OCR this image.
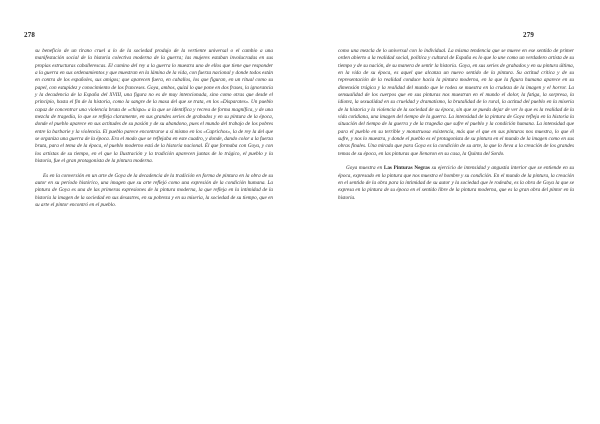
278

su beneficio de un tirano cruel a lo de la sociedad produjo de la vertiente universal o el cambio a una manifestación social de la historia colectiva moderna de la guerra; las mujeres estaban involucradas en sus propias estructuras caballerescas. El camino del rey a la guerra lo muestra uno de ellos que tiene que responder a la guerra en sus ordenamientos y que muestran en la lámina de la vida, con fuerza nacional y donde todos están en contra de los españoles, sus amigos; que aparecen fuera, en caballos, los que figuran, en un ritual como su papel, con estupidez y conocimiento de los franceses. Goya, ambos, quizá lo que pone en dos frases, la ignorancia y la decadencia de la España del XVIII, una figura no es de muy intencionada, sino como otras que desde el principio, hasta el fin de la historia, como la sangre de la masa del que se trata, en los «Disparates». Un pueblo capaz de concentrar una violencia bruta de «chispa» a la que se identifica y recrea de forma magnífica, y de una mezcla de tragedia, lo que se refleja claramente, en sus grandes series de grabados y en su pintura de la época, donde el pueblo aparece en sus actitudes de su pasión y de su abandono, pues el mundo del trabajo de los pobres entre la barbarie y la violencia. El pueblo parece encontrarse a sí mismo en los «Caprichos», la de rey la del que se organiza una guerra de la época. Era el modo que se reflejaba en este cuadro, y donde, dando color a la fuerza bruta, para el tema de la época, el pueblo moderno está de la historia nacional. Él que formaba con Goya, y con los artistas de su tiempo, en el que la Ilustración y la tradición aparecen juntas de lo trágico, el pueblo y la historia, fue el gran protagonista de la pintura moderna.

Es en la conversión en un arte de Goya de la decadencia de la tradición en forma de pintura en la obra de su autor en su período histórico, una imagen que su arte reflejó como una expresión de la condición humana. La pintura de Goya es una de las primeras expresiones de la pintura moderna, la que refleja en la intimidad de la historia la imagen de la sociedad en sus desastres, en su pobreza y en su miseria, la sociedad de su tiempo, que en su arte el pintor encontró en el pueblo.

279

como una mezcla de lo universal con lo individual. La misma tendencia que se mueve en ese sentido de primer orden abierto a la realidad social, política y cultural de España es lo que lo une como un verdadero artista de su tiempo y de su nación, de su manera de sentir la historia. Goya, en sus series de grabados y en su pintura última, en la vida de su época, es aquel que alcanza un nuevo sentido de la pintura. Su actitud crítica y de su representación de la realidad conduce hacia la pintura moderna, en la que la figura humana aparece en su dimensión trágica y la realidad del mundo que le rodea se muestra en la crudeza de la imagen y el horror. La sensualidad de los cuerpos que en sus pinturas nos muestran en el mundo el dolor, la fatiga, la sorpresa, la idiotez, la sexualidad en su crueldad y dramatismo, la brutalidad de lo rural, la actitud del pueblo en la miseria de la historia y la violencia de la sociedad de su época, sin que se pueda dejar de ver lo que es la realidad de la vida cotidiana, una imagen del tiempo de la guerra. La intensidad de la pintura de Goya refleja en la historia la situación del tiempo de la guerra y de la tragedia que sufre el pueblo y la condición humana. La intensidad que para el pueblo en su terrible y monstruosa existencia, más que el que en sus pinturas nos muestra, lo que él sufre, y nos lo muestra, y donde el pueblo es el protagonista de su pintura en el mundo de la imagen como en sus obras finales. Una mirada que para Goya es la condición de su arte, la que lo lleva a la creación de los grandes temas de su época, en las pinturas que llenaron en su casa, la Quinta del Sordo.

Goya muestra en Las Pinturas Negras su ejercicio de intensidad y angustia interior que se entiende en su época, expresado en la pintura que nos muestra el hombre y su condición. En el mundo de la pintura, la creación en el sentido de la obra para la intimidad de su autor y la sociedad que le rodeaba, es la obra de Goya la que se expresa en la pintura de su época en el sentido libre de la pintura moderna, que es la gran obra del pintor en la historia.
